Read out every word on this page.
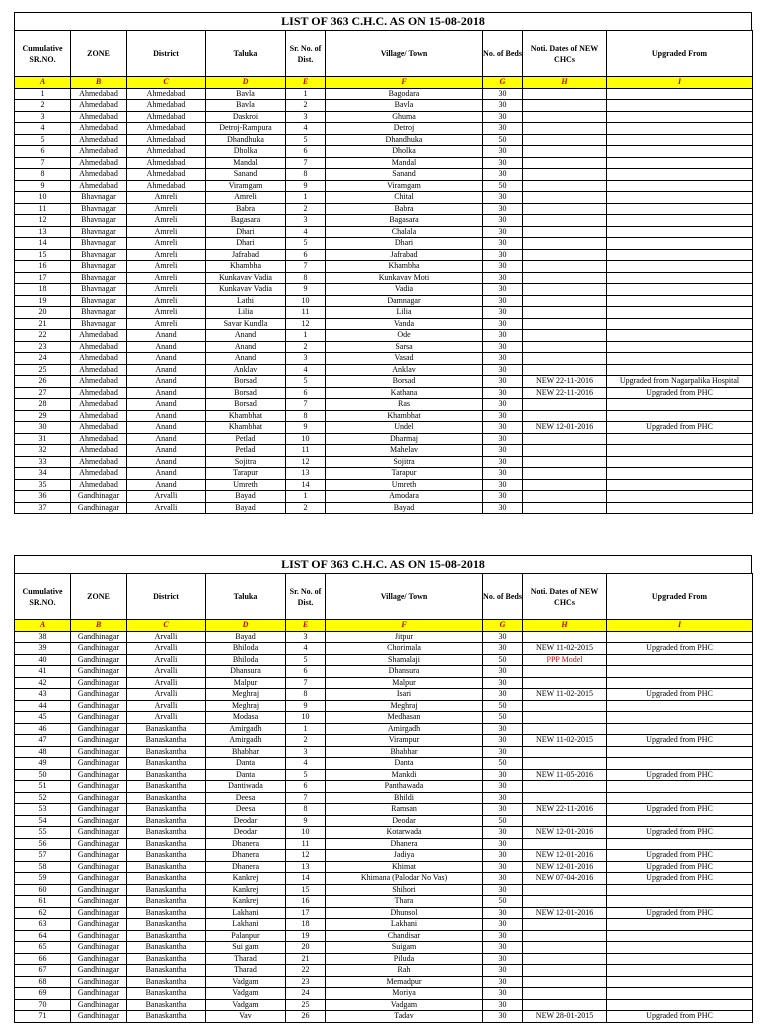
LIST OF 363 C.H.C. AS ON 15-08-2018
Cumulative SR.NO.	ZONE	District	Taluka	Sr. No. of Dist.	Village/ Town	No. of Beds	Noti. Dates of NEW CHCs	Upgraded From
A	B	C	D	E	F	G	H	I
1	Ahmedabad	Ahmedabad	Bavla	1	Bagodara	30		
2	Ahmedabad	Ahmedabad	Bavla	2	Bavla	30		
3	Ahmedabad	Ahmedabad	Daskroi	3	Ghuma	30		
4	Ahmedabad	Ahmedabad	Detroj-Rampura	4	Detroj	30		
5	Ahmedabad	Ahmedabad	Dhandhuka	5	Dhandhuka	50		
6	Ahmedabad	Ahmedabad	Dholka	6	Dholka	30		
7	Ahmedabad	Ahmedabad	Mandal	7	Mandal	30		
8	Ahmedabad	Ahmedabad	Sanand	8	Sanand	30		
9	Ahmedabad	Ahmedabad	Viramgam	9	Viramgam	50		
10	Bhavnagar	Amreli	Amreli	1	Chital	30		
11	Bhavnagar	Amreli	Babra	2	Babra	30		
12	Bhavnagar	Amreli	Bagasara	3	Bagasara	30		
13	Bhavnagar	Amreli	Dhari	4	Chalala	30		
14	Bhavnagar	Amreli	Dhari	5	Dhari	30		
15	Bhavnagar	Amreli	Jafrabad	6	Jafrabad	30		
16	Bhavnagar	Amreli	Khambha	7	Khambha	30		
17	Bhavnagar	Amreli	Kunkavav Vadia	8	Kunkavav Moti	30		
18	Bhavnagar	Amreli	Kunkavav Vadia	9	Vadia	30		
19	Bhavnagar	Amreli	Lathi	10	Damnagar	30		
20	Bhavnagar	Amreli	Lilia	11	Lilia	30		
21	Bhavnagar	Amreli	Savar Kundla	12	Vanda	30		
22	Ahmedabad	Anand	Anand	1	Ode	30		
23	Ahmedabad	Anand	Anand	2	Sarsa	30		
24	Ahmedabad	Anand	Anand	3	Vasad	30		
25	Ahmedabad	Anand	Anklav	4	Anklav	30		
26	Ahmedabad	Anand	Borsad	5	Borsad	30	NEW 22-11-2016	Upgraded from Nagarpalika Hospital
27	Ahmedabad	Anand	Borsad	6	Kathana	30	NEW 22-11-2016	Upgraded from PHC
28	Ahmedabad	Anand	Borsad	7	Ras	30		
29	Ahmedabad	Anand	Khambhat	8	Khambhat	30		
30	Ahmedabad	Anand	Khambhat	9	Undel	30	NEW 12-01-2016	Upgraded from PHC
31	Ahmedabad	Anand	Petlad	10	Dharmaj	30		
32	Ahmedabad	Anand	Petlad	11	Mahelav	30		
33	Ahmedabad	Anand	Sojitra	12	Sojitra	30		
34	Ahmedabad	Anand	Tarapur	13	Tarapur	30		
35	Ahmedabad	Anand	Umreth	14	Umreth	30		
36	Gandhinagar	Arvalli	Bayad	1	Amodara	30		
37	Gandhinagar	Arvalli	Bayad	2	Bayad	30		
LIST OF 363 C.H.C. AS ON 15-08-2018
Cumulative SR.NO.	ZONE	District	Taluka	Sr. No. of Dist.	Village/ Town	No. of Beds	Noti. Dates of NEW CHCs	Upgraded From
A	B	C	D	E	F	G	H	I
38	Gandhinagar	Arvalli	Bayad	3	Jitpur	30		
39	Gandhinagar	Arvalli	Bhiloda	4	Chorimala	30	NEW 11-02-2015	Upgraded from PHC
40	Gandhinagar	Arvalli	Bhiloda	5	Shamalaji	50	PPP Model	
41	Gandhinagar	Arvalli	Dhansura	6	Dhansura	30		
42	Gandhinagar	Arvalli	Malpur	7	Malpur	30		
43	Gandhinagar	Arvalli	Meghraj	8	Isari	30	NEW 11-02-2015	Upgraded from PHC
44	Gandhinagar	Arvalli	Meghraj	9	Meghraj	50		
45	Gandhinagar	Arvalli	Modasa	10	Medhasan	50		
46	Gandhinagar	Banaskantha	Amirgadh	1	Amirgadh	30		
47	Gandhinagar	Banaskantha	Amirgadh	2	Virampur	30	NEW 11-02-2015	Upgraded from PHC
48	Gandhinagar	Banaskantha	Bhabhar	3	Bhabhar	30		
49	Gandhinagar	Banaskantha	Danta	4	Danta	50		
50	Gandhinagar	Banaskantha	Danta	5	Mankdi	30	NEW 11-05-2016	Upgraded from PHC
51	Gandhinagar	Banaskantha	Dantiwada	6	Panthawada	30		
52	Gandhinagar	Banaskantha	Deesa	7	Bhildi	30		
53	Gandhinagar	Banaskantha	Deesa	8	Ramsan	30	NEW 22-11-2016	Upgraded from PHC
54	Gandhinagar	Banaskantha	Deodar	9	Deodar	50		
55	Gandhinagar	Banaskantha	Deodar	10	Kotarwada	30	NEW 12-01-2016	Upgraded from PHC
56	Gandhinagar	Banaskantha	Dhanera	11	Dhanera	30		
57	Gandhinagar	Banaskantha	Dhanera	12	Jadiya	30	NEW 12-01-2016	Upgraded from PHC
58	Gandhinagar	Banaskantha	Dhanera	13	Khimat	30	NEW 12-01-2016	Upgraded from PHC
59	Gandhinagar	Banaskantha	Kankrej	14	Khimana (Palodar No Vas)	30	NEW 07-04-2016	Upgraded from PHC
60	Gandhinagar	Banaskantha	Kankrej	15	Shihori	30		
61	Gandhinagar	Banaskantha	Kankrej	16	Thara	50		
62	Gandhinagar	Banaskantha	Lakhani	17	Dhunsol	30	NEW 12-01-2016	Upgraded from PHC
63	Gandhinagar	Banaskantha	Lakhani	18	Lakhani	30		
64	Gandhinagar	Banaskantha	Palanpur	19	Chandisar	30		
65	Gandhinagar	Banaskantha	Sui gam	20	Suigam	30		
66	Gandhinagar	Banaskantha	Tharad	21	Piluda	30		
67	Gandhinagar	Banaskantha	Tharad	22	Rah	30		
68	Gandhinagar	Banaskantha	Vadgam	23	Memadpur	30		
69	Gandhinagar	Banaskantha	Vadgam	24	Moriya	30		
70	Gandhinagar	Banaskantha	Vadgam	25	Vadgam	30		
71	Gandhinagar	Banaskantha	Vav	26	Tadav	30	NEW 28-01-2015	Upgraded from PHC
